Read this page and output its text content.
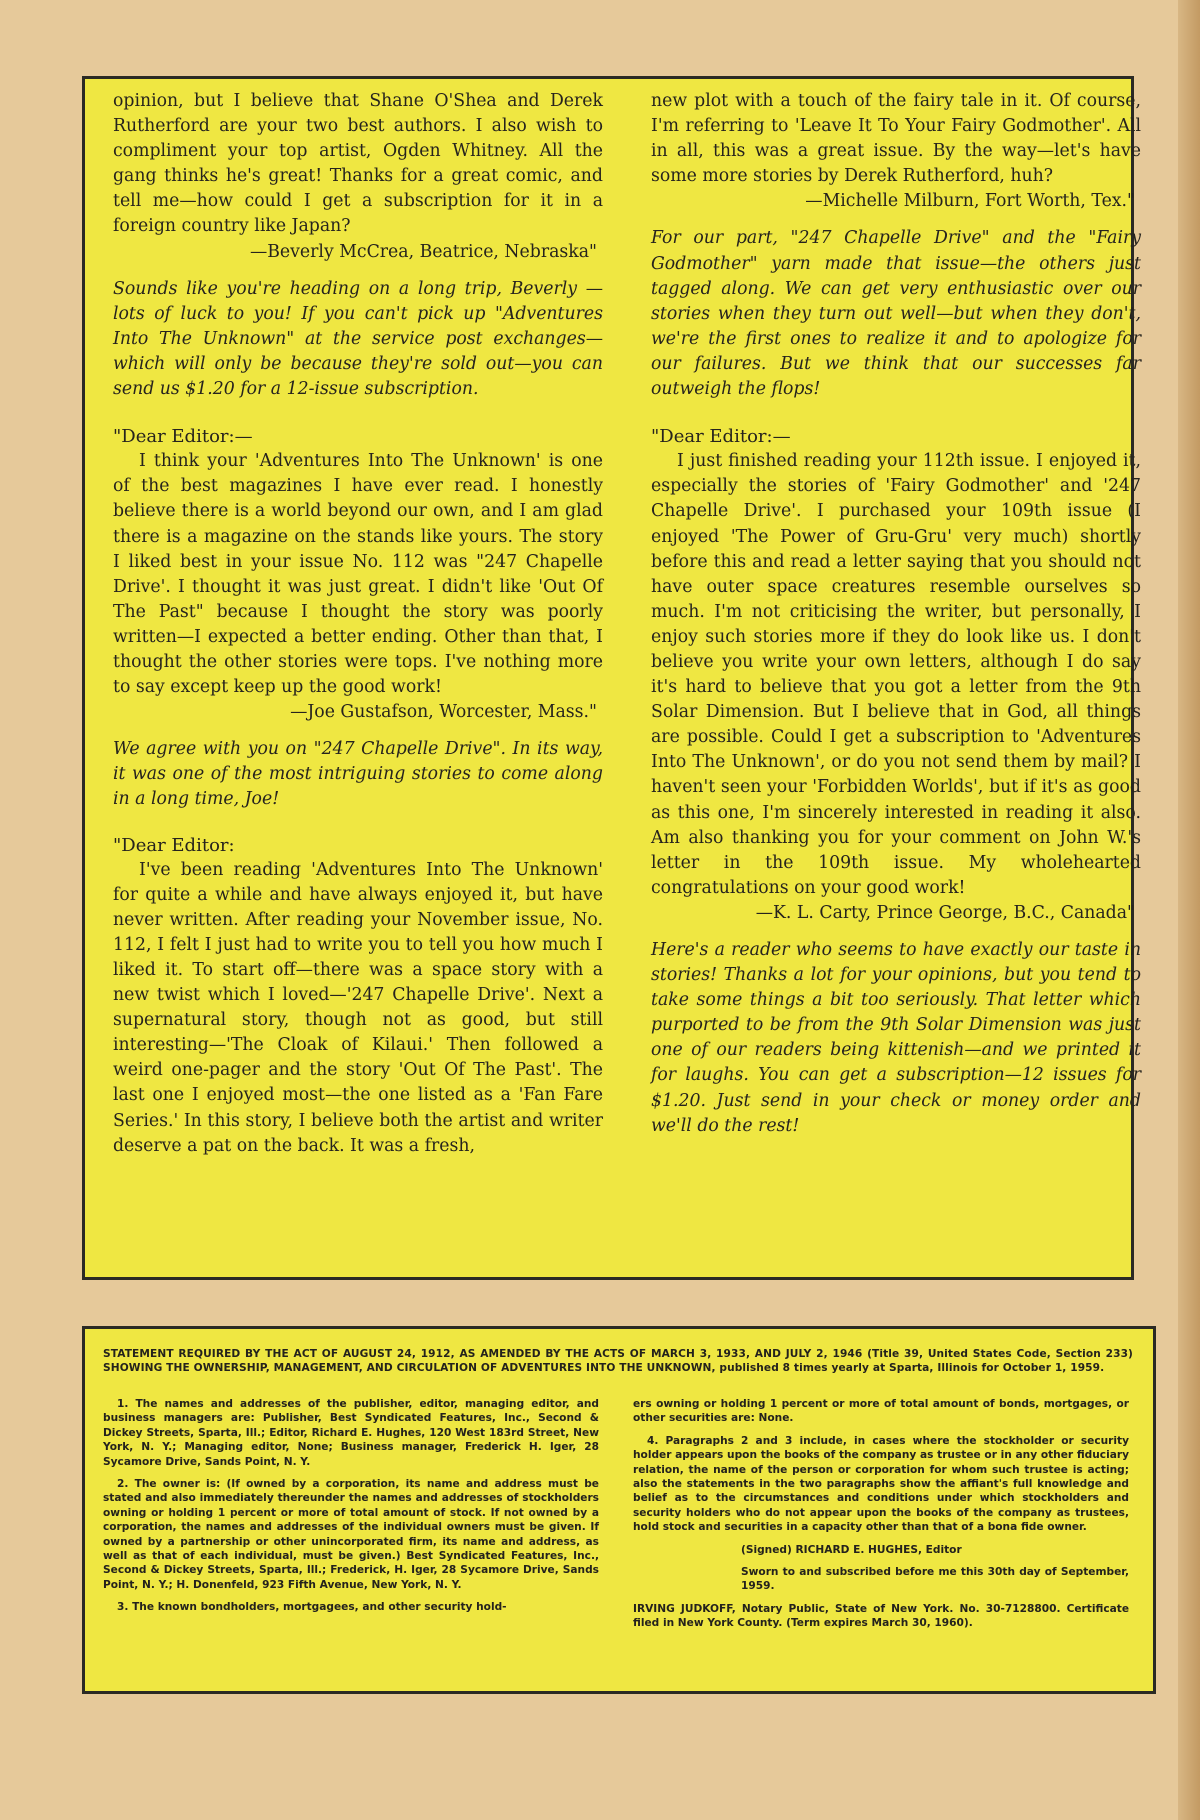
opinion, but I believe that Shane O'Shea and Derek Rutherford are your two best authors. I also wish to compliment your top artist, Ogden Whitney. All the gang thinks he's great! Thanks for a great comic, and tell me—how could I get a subscription for it in a foreign country like Japan?

—Beverly McCrea, Beatrice, Nebraska"

Sounds like you're heading on a long trip, Beverly —lots of luck to you! If you can't pick up "Adventures Into The Unknown" at the service post exchanges—which will only be because they're sold out—you can send us $1.20 for a 12-issue subscription.

"Dear Editor:—

I think your 'Adventures Into The Unknown' is one of the best magazines I have ever read. I honestly believe there is a world beyond our own, and I am glad there is a magazine on the stands like yours. The story I liked best in your issue No. 112 was "247 Chapelle Drive'. I thought it was just great. I didn't like 'Out Of The Past" because I thought the story was poorly written—I expected a better ending. Other than that, I thought the other stories were tops. I've nothing more to say except keep up the good work!

—Joe Gustafson, Worcester, Mass."

We agree with you on "247 Chapelle Drive". In its way, it was one of the most intriguing stories to come along in a long time, Joe!

"Dear Editor:

I've been reading 'Adventures Into The Unknown' for quite a while and have always enjoyed it, but have never written. After reading your November issue, No. 112, I felt I just had to write you to tell you how much I liked it. To start off—there was a space story with a new twist which I loved—'247 Chapelle Drive'. Next a supernatural story, though not as good, but still interesting—'The Cloak of Kilaui.' Then followed a weird one-pager and the story 'Out Of The Past'. The last one I enjoyed most—the one listed as a 'Fan Fare Series.' In this story, I believe both the artist and writer deserve a pat on the back. It was a fresh,

new plot with a touch of the fairy tale in it. Of course, I'm referring to 'Leave It To Your Fairy Godmother'. All in all, this was a great issue. By the way—let's have some more stories by Derek Rutherford, huh?

—Michelle Milburn, Fort Worth, Tex."

For our part, "247 Chapelle Drive" and the "Fairy Godmother" yarn made that issue—the others just tagged along. We can get very enthusiastic over our stories when they turn out well—but when they don't, we're the first ones to realize it and to apologize for our failures. But we think that our successes far outweigh the flops!

"Dear Editor:—

I just finished reading your 112th issue. I enjoyed it, especially the stories of 'Fairy Godmother' and '247 Chapelle Drive'. I purchased your 109th issue (I enjoyed 'The Power of Gru-Gru' very much) shortly before this and read a letter saying that you should not have outer space creatures resemble ourselves so much. I'm not criticising the writer, but personally, I enjoy such stories more if they do look like us. I don't believe you write your own letters, although I do say it's hard to believe that you got a letter from the 9th Solar Dimension. But I believe that in God, all things are possible. Could I get a subscription to 'Adventures Into The Unknown', or do you not send them by mail? I haven't seen your 'Forbidden Worlds', but if it's as good as this one, I'm sincerely interested in reading it also. Am also thanking you for your comment on John W.'s letter in the 109th issue. My wholehearted congratulations on your good work!

—K. L. Carty, Prince George, B.C., Canada"

Here's a reader who seems to have exactly our taste in stories! Thanks a lot for your opinions, but you tend to take some things a bit too seriously. That letter which purported to be from the 9th Solar Dimension was just one of our readers being kittenish—and we printed it for laughs. You can get a subscription—12 issues for $1.20. Just send in your check or money order and we'll do the rest!

STATEMENT REQUIRED BY THE ACT OF AUGUST 24, 1912, AS AMENDED BY THE ACTS OF MARCH 3, 1933, AND JULY 2, 1946 (Title 39, United States Code, Section 233) SHOWING THE OWNERSHIP, MANAGEMENT, AND CIRCULATION OF ADVENTURES INTO THE UNKNOWN, published 8 times yearly at Sparta, Illinois for October 1, 1959.

1. The names and addresses of the publisher, editor, managing editor, and business managers are: Publisher, Best Syndicated Features, Inc., Second & Dickey Streets, Sparta, Ill.; Editor, Richard E. Hughes, 120 West 183rd Street, New York, N. Y.; Managing editor, None; Business manager, Frederick H. Iger, 28 Sycamore Drive, Sands Point, N. Y.

2. The owner is: (If owned by a corporation, its name and address must be stated and also immediately thereunder the names and addresses of stockholders owning or holding 1 percent or more of total amount of stock. If not owned by a corporation, the names and addresses of the individual owners must be given. If owned by a partnership or other unincorporated firm, its name and address, as well as that of each individual, must be given.) Best Syndicated Features, Inc., Second & Dickey Streets, Sparta, Ill.; Frederick, H. Iger, 28 Sycamore Drive, Sands Point, N. Y.; H. Donenfeld, 923 Fifth Avenue, New York, N. Y.

3. The known bondholders, mortgagees, and other security hold-

ers owning or holding 1 percent or more of total amount of bonds, mortgages, or other securities are: None.

4. Paragraphs 2 and 3 include, in cases where the stockholder or security holder appears upon the books of the company as trustee or in any other fiduciary relation, the name of the person or corporation for whom such trustee is acting; also the statements in the two paragraphs show the affiant's full knowledge and belief as to the circumstances and conditions under which stockholders and security holders who do not appear upon the books of the company as trustees, hold stock and securities in a capacity other than that of a bona fide owner.

(Signed) RICHARD E. HUGHES, Editor

Sworn to and subscribed before me this 30th day of September, 1959.

IRVING JUDKOFF, Notary Public, State of New York. No. 30-7128800. Certificate filed in New York County. (Term expires March 30, 1960).
